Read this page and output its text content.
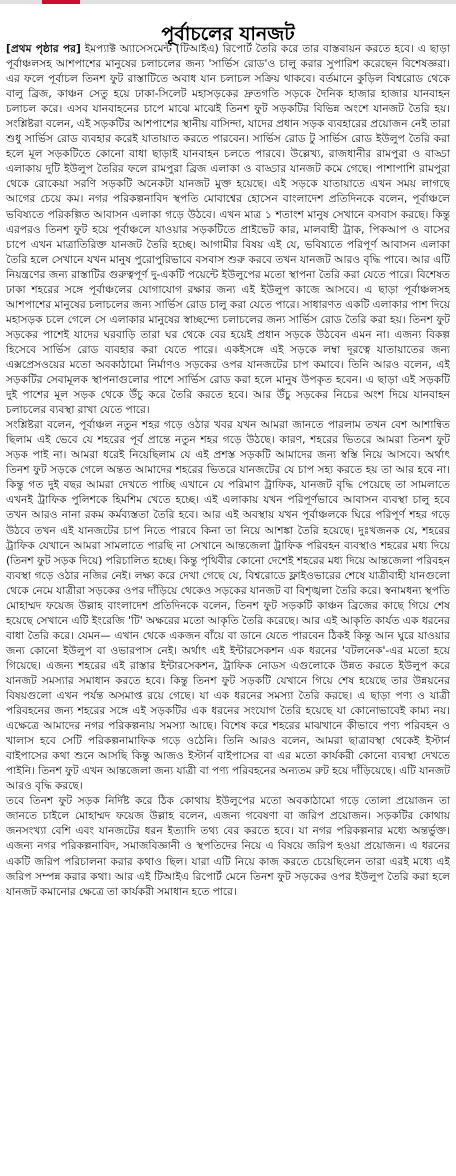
পূর্বাচলের যানজট

[প্রথম পৃষ্ঠার পর] ইমপ্যাক্ট অ্যাসেসমেন্ট (টিআইএ) রিপোর্ট তৈরি করে তার বাস্তবায়ন করতে হবে। এ ছাড়া পূর্বাঞ্চলসহ আশপাশের মানুষের চলাচলের জন্য 'সার্ভিস রোড'ও চালু করার সুপারিশ করেছেন বিশেষজ্ঞরা। এর ফলে পূর্বাচল তিনশ ফুট রাস্তাটিতে অবাধ যান চলাচল সক্রিয় থাকবে। বর্তমানে কুড়িল বিশ্বরোড থেকে বালু ব্রিজ, কাঞ্চন সেতু হয়ে ঢাকা-সিলেট মহাসড়কের দ্রুতগতি সড়কে দৈনিক হাজার হাজার যানবাহন চলাচল করে। এসব যানবাহনের চাপে মাঝে মাঝেই তিনশ ফুট সড়কটির বিভিন্ন অংশে যানজট তৈরি হয়। সংশ্লিষ্টরা বলেন, এই সড়কটির আশপাশের স্থানীয় বাসিন্দা, যাদের প্রধান সড়ক ব্যবহারের প্রয়োজন নেই তারা শুধু সার্ভিস রোড ব্যবহার করেই যাতায়াত করতে পারবেন। সার্ভিস রোড টু সার্ভিস রোড ইউলুপ তৈরি করা হলে মূল সড়কটিতে কোনো বাধা ছাড়াই যানবাহন চলতে পারবে। উল্লেখ্য, রাজধানীর রামপুরা ও বাড্ডা এলাকায় দুটি ইউলুপ তৈরির ফলে রামপুরা ব্রিজ এলাকা ও বাড্ডার যানজট কমে গেছে। পাশাপাশি রামপুরা থেকে রোকেয়া সরণি সড়কটি অনেকটা যানজট মুক্ত হয়েছে। এই সড়কে যাতায়াতে এখন সময় লাগছে আগের চেয়ে কম। নগর পরিকল্পনাবিদ স্থপতি মোবাশ্বের হোসেন বাংলাদেশ প্রতিদিনকে বলেন, পূর্বাঞ্চলে ভবিষ্যতে পরিকল্পিত আবাসন এলাকা গড়ে উঠবে। এখন মাত্র ১ শতাংশ মানুষ সেখানে বসবাস করছে। কিন্তু এরপরও তিনশ ফুট হয়ে পূর্বাঞ্চলে যাওয়ার সড়কটিতে প্রাইভেট কার, মালবাহী ট্রাক, পিকআপ ও বাসের চাপে এখন মাত্রাতিরিক্ত যানজট তৈরি হচ্ছে। আগামীর বিষয় এই যে, ভবিষ্যতে পরিপূর্ণ আবাসন এলাকা তৈরি হলে সেখানে যখন মানুষ পুরোপুরিভাবে বসবাস শুরু করবে তখন যানজট আরও বৃদ্ধি পাবে। আর এটি নিয়ন্ত্রণের জন্য রাস্তাটির গুরুত্বপূর্ণ দু-একটি পয়েন্টে ইউলুপের মতো স্থাপনা তৈরি করা যেতে পারে। বিশেষত ঢাকা শহরের সঙ্গে পূর্বাঞ্চলের যোগাযোগ রক্ষার জন্য এই ইউলুপ কাজে আসবে। এ ছাড়া পূর্বাঞ্চলসহ আশপাশের মানুষের চলাচলের জন্য সার্ভিস রোড চালু করা যেতে পারে। সাধারণত একটি এলাকার পাশ দিয়ে মহাসড়ক চলে গেলে সে এলাকার মানুষের স্বাচ্ছন্দ্যে চলাচলের জন্য সার্ভিস রোড তৈরি করা হয়। তিনশ ফুট সড়কের পাশেই যাদের ঘরবাড়ি তারা ঘর থেকে বের হয়েই প্রধান সড়কে উঠবেন এমন না। এজন্য বিকল্প হিসেবে সার্ভিস রোড ব্যবহার করা যেতে পারে। একইসঙ্গে এই সড়কে লম্বা দূরত্বে যাতায়াতের জন্য এক্সপ্রেসওয়ের মতো অবকাঠামো নির্মাণও সড়কের ওপর যানজটের চাপ কমাবে। তিনি আরও বলেন, এই সড়কটির সেবামূলক স্থাপনাগুলোর পাশে সার্ভিস রোড করা হলে মানুষ উপকৃত হবেন। এ ছাড়া এই সড়কটি দুই পাশের মূল সড়ক থেকে উঁচু করে তৈরি করতে হবে। আর উঁচু সড়কের নিচের অংশ দিয়ে যানবাহন চলাচলের ব্যবস্থা রাখা যেতে পারে।

সংশ্লিষ্টরা বলেন, পূর্বাঞ্চল নতুন শহর গড়ে ওঠার খবর যখন আমরা জানতে পারলাম তখন বেশ আশান্বিত ছিলাম এই ভেবে যে শহরের পূর্ব প্রান্তে নতুন শহর গড়ে উঠছে। কারণ, শহরের ভিতরে আমরা তিনশ ফুট সড়ক পাই না। আমরা ধরেই নিয়েছিলাম যে এই প্রশস্ত সড়কটি আমাদের জন্য স্বস্তি নিয়ে আসবে। অর্থাৎ তিনশ ফুট সড়কে গেলে অন্তত আমাদের শহরের ভিতরে যানজটের যে চাপ সহ্য করতে হয় তা আর হবে না। কিন্তু গত দুই বছর আমরা দেখতে পাচ্ছি এখানে যে পরিমাণ ট্রাফিক, যানজট বৃদ্ধি পেয়েছে তা সামলাতে এখনই ট্রাফিক পুলিশকে হিমশিম খেতে হচ্ছে। এই এলাকায় যখন পরিপূর্ণভাবে আবাসন ব্যবস্থা চালু হবে তখন আরও নানা রকম কর্মব্যস্ততা তৈরি হবে। আর এই অবস্থায় যখন পূর্বাঞ্চলকে ঘিরে পরিপূর্ণ শহর গড়ে উঠবে তখন এই যানজটের চাপ নিতে পারবে কিনা তা নিয়ে আশঙ্কা তৈরি হয়েছে। দুঃখজনক যে, শহরের ট্রাফিক যেখানে আমরা সামলাতে পারছি না সেখানে আন্তজেলা ট্রাফিক পরিবহন ব্যবস্থাও শহরের মধ্য দিয়ে (তিনশ ফুট সড়ক দিয়ে) পরিচালিত হচ্ছে। কিন্তু পৃথিবীর কোনো দেশেই শহরের মধ্য দিয়ে আন্তজেলা পরিবহন ব্যবস্থা গড়ে ওঠার নজির নেই। লক্ষ্য করে দেখা গেছে যে, বিশ্বরোডে ফ্লাইওভারের শেষে যাত্রীবাহী যানগুলো থেকে নেমে যাত্রীরা সড়কের ওপর দাঁড়িয়ে থেকেও সড়কের যানজট বা বিশৃঙ্খলা তৈরি করে। স্বনামধন্য স্থপতি মোহাম্মদ ফয়েজ উল্লাহ বাংলাদেশ প্রতিদিনকে বলেন, তিনশ ফুট সড়কটি কাঞ্চন ব্রিজের কাছে গিয়ে শেষ হয়েছে সেখানে এটি ইংরেজি 'টি' অক্ষরের মতো আকৃতি তৈরি করেছে। আর এই আকৃতি কার্যত এক ধরনের বাধা তৈরি করে। যেমন— এখান থেকে একজন বাঁয়ে বা ডানে যেতে পারবেন ঠিকই কিন্তু আন ঘুরে যাওয়ার জন্য কোনো ইউলুপ বা ওভারপাস নেই। অর্থাৎ এই ইন্টারসেকশন এক ধরনের 'বটলনেক'-এর মতো হয়ে গিয়েছে। এজন্য শহরের এই রাস্তার ইন্টারসেকশন, ট্রাফিক নোডস এগুলোকে উন্নত করতে ইউলুপ করে যানজট সমস্যার সমাধান করতে হবে। কিন্তু তিনশ ফুট সড়কটি যেখানে গিয়ে শেষ হয়েছে তার উন্নয়নের বিষয়গুলো এখন পর্যন্ত অসমাপ্ত রয়ে গেছে। যা এক ধরনের সমস্যা তৈরি করছে। এ ছাড়া পণ্য ও যাত্রী পরিবহনের জন্য শহরের সঙ্গে এই সড়কটির এক ধরনের সংযোগ তৈরি হয়েছে যা কোনোভাবেই কাম্য নয়। এক্ষেত্রে আমাদের নগর পরিকল্পনায় সমস্যা আছে। বিশেষ করে শহরের মাঝখানে কীভাবে পণ্য পরিবহন ও খালাস হবে সেটি পরিকল্পনামাফিক গড়ে ওঠেনি। তিনি আরও বলেন, আমরা ছাত্রাবস্থা থেকেই ইস্টার্ন বাইপাসের কথা শুনে আসছি কিন্তু আজও ইস্টার্ন বাইপাসের বা এর মতো কার্যকরী কোনো ব্যবস্থা দেখতে পাইনি। তিনশ ফুট এখন আন্তজেলা জন্য যাত্রী বা পণ্য পরিবহনের অন্যতম রুট হয়ে দাঁড়িয়েছে। এটি যানজট আরও বৃদ্ধি করছে।

তবে তিনশ ফুট সড়ক নির্দিষ্ট করে ঠিক কোথায় ইউলুপের মতো অবকাঠামো গড়ে তোলা প্রয়োজন তা জানতে চাইলে মোহাম্মদ ফয়েজ উল্লাহ বলেন, এজন্য গবেষণা বা জরিপ প্রয়োজন। সড়কটির কোথায় জনসংখ্যা বেশি এবং যানজটের ধরন ইত্যাদি তথ্য বের করতে হবে। যা নগর পরিকল্পনার মধ্যে অন্তর্ভুক্ত। এজন্য নগর পরিকল্পনাবিদ, সমাজবিজ্ঞানী ও স্থপতিদের নিয়ে এ বিষয়ে জরিপ হওয়া প্রয়োজন। এ ধরনের একটি জরিপ পরিচালনা করার কথাও ছিল। যারা এটি নিয়ে কাজ করতে চেয়েছিলেন তারা এরই মধ্যে এই জরিপ সম্পন্ন করার কথা। আর এই টিআইএ রিপোর্ট মেনে তিনশ ফুট সড়কের ওপর ইউলুপ তৈরি করা হলে যানজট কমানোর ক্ষেত্রে তা কার্যকরী সমাধান হতে পারে।
